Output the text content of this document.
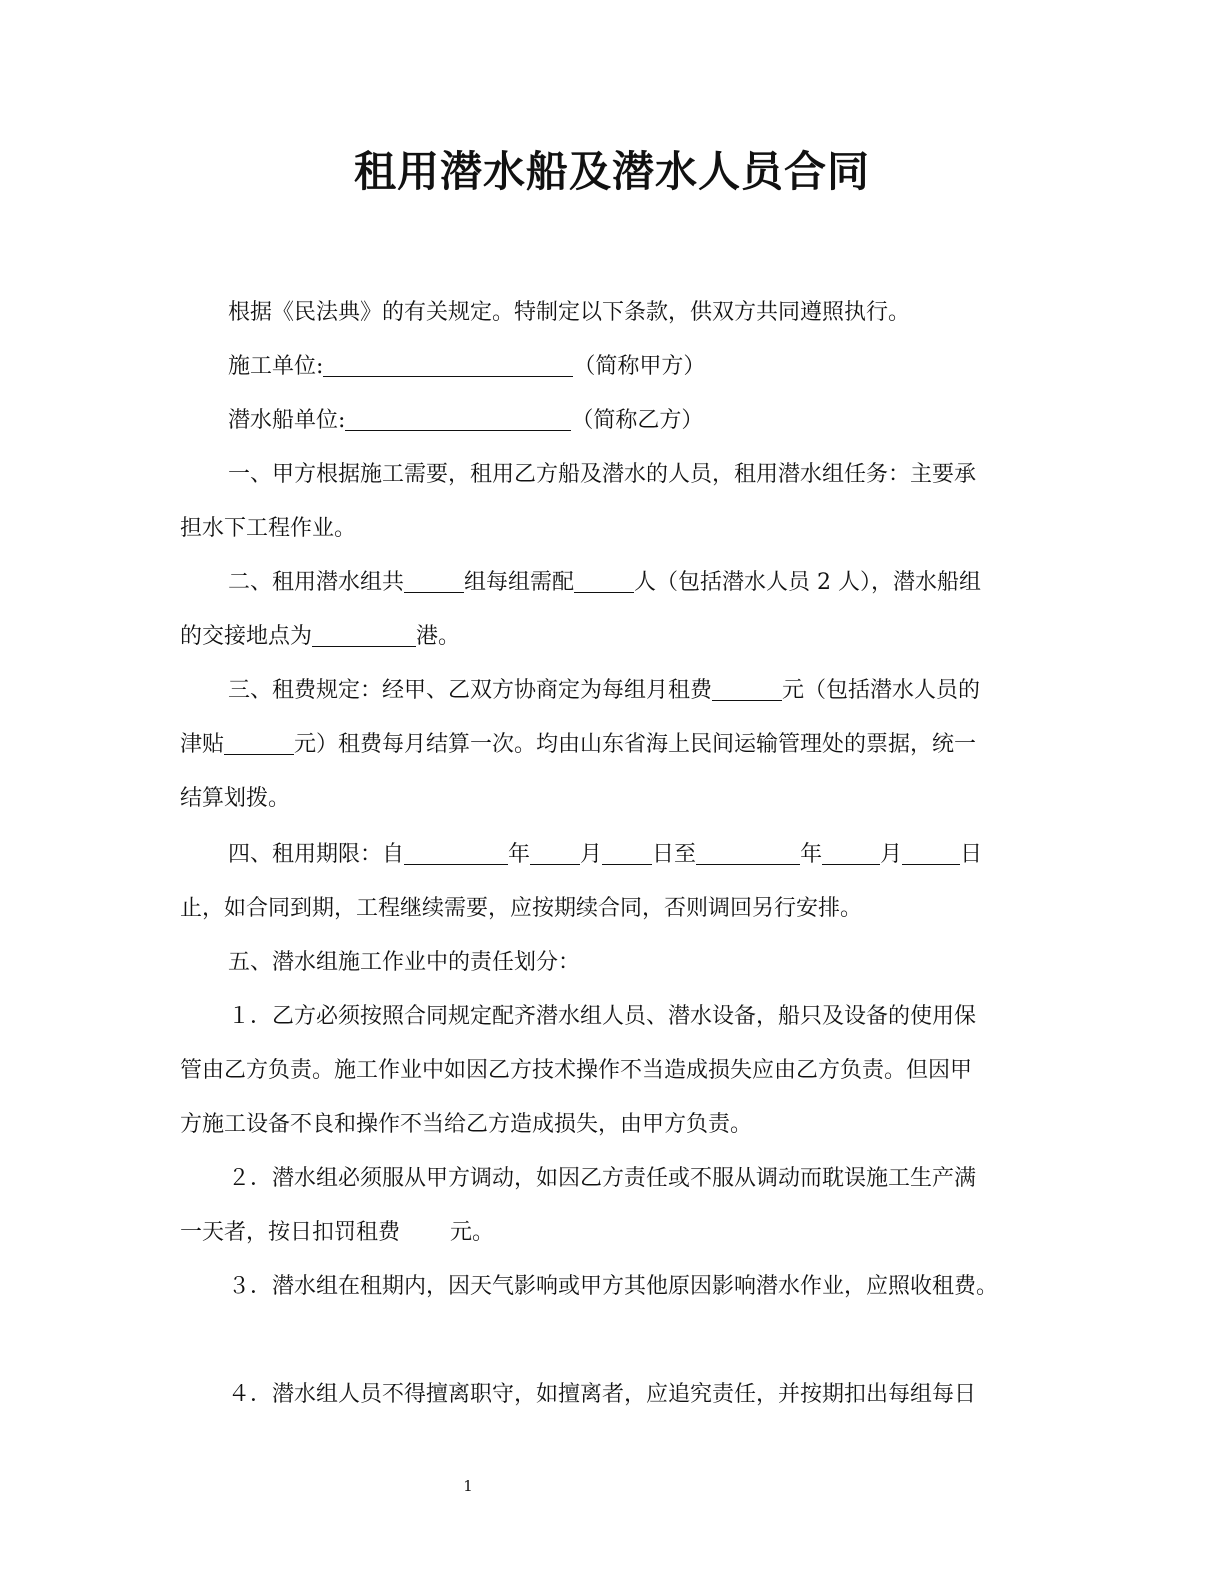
租用潜水船及潜水人员合同
根据《民法典》的有关规定。特制定以下条款，供双方共同遵照执行。
施工单位:	（简称甲方）
潜水船单位:	（简称乙方）
一、甲方根据施工需要，租用乙方船及潜水的人员，租用潜水组任务：主要承
担水下工程作业。
二、租用潜水组共	组每组需配	人（包括潜水人员 2 人），潜水船组
的交接地点为	港。
三、租费规定：经甲、乙双方协商定为每组月租费	元（包括潜水人员的
津贴	元）租费每月结算一次。均由山东省海上民间运输管理处的票据，统一
结算划拨。
四、租用期限：自	年 月 日至	年	月	日
止，如合同到期，工程继续需要，应按期续合同，否则调回另行安排。
五、潜水组施工作业中的责任划分：
１．乙方必须按照合同规定配齐潜水组人员、潜水设备，船只及设备的使用保
管由乙方负责。施工作业中如因乙方技术操作不当造成损失应由乙方负责。但因甲
方施工设备不良和操作不当给乙方造成损失，由甲方负责。
２．潜水组必须服从甲方调动，如因乙方责任或不服从调动而耽误施工生产满
一天者，按日扣罚租费 元。
３．潜水组在租期内，因天气影响或甲方其他原因影响潜水作业，应照收租费。
４．潜水组人员不得擅离职守，如擅离者，应追究责任，并按期扣出每组每日
1
